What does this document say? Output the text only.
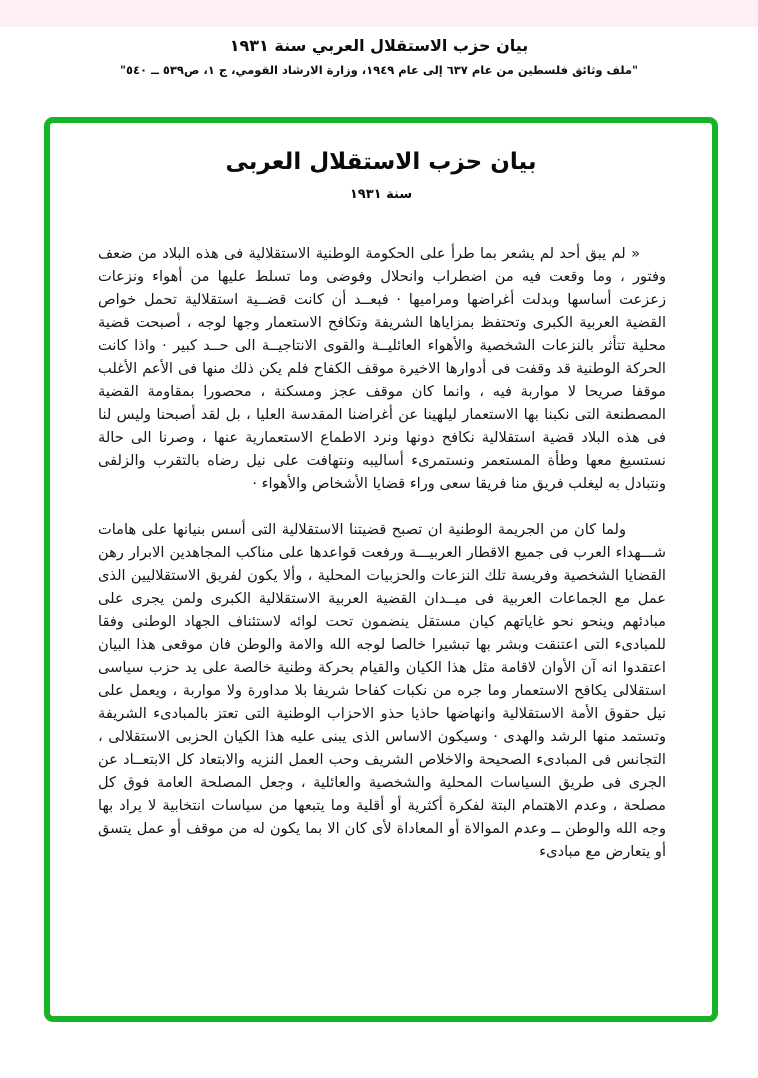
بيان حزب الاستقلال العربي سنة ١٩٣١
"ملف وثائق فلسطين من عام ٦٣٧ إلى عام ١٩٤٩، وزارة الارشاد القومي، ج ١، ص٥٣٩ ــ ٥٤٠"
بيان حزب الاستقلال العربى
سنة ١٩٣١

« لم يبق أحد لم يشعر بما طرأ على الحكومة الوطنية الاستقلالية فى هذه البلاد من ضعف وفتور ، وما وقعت فيه من اضطراب وانحلال وفوضى وما تسلط عليها من أهواء ونزعات زعزعت أساسها وبدلت أغراضها ومراميها · فبعــد أن كانت قضــية استقلالية تحمل خواص القضية العربية الكبرى وتحتفظ بمزاياها الشريفة وتكافح الاستعمار وجها لوجه ، أصبحت قضية محلية تتأثر بالنزعات الشخصية والأهواء العائليــة والقوى الانتاجيــة الى حــد كبير · واذا كانت الحركة الوطنية قد وقفت فى أدوارها الاخيرة موقف الكفاح فلم يكن ذلك منها فى الأعم الأغلب موقفا صريحا لا مواربة فيه ، وانما كان موقف عجز ومسكنة ، محصورا بمقاومة القضية المصطنعة التى نكبنا بها الاستعمار ليلهينا عن أغراضنا المقدسة العليا ، بل لقد أصبحنا وليس لنا فى هذه البلاد قضية استقلالية نكافح دونها ونرد الاطماع الاستعمارية عنها ، وصرنا الى حالة نستسيغ معها وطأة المستعمر ونستمرىء أساليبه ونتهافت على نيل رضاه بالتقرب والزلفى ونتبادل به ليغلب فريق منا فريقا سعى وراء قضايا الأشخاص والأهواء ·

ولما كان من الجريمة الوطنية ان تصبح قضيتنا الاستقلالية التى أسس بنيانها على هامات شـــهداء العرب فى جميع الاقطار العربيـــة ورفعت قواعدها على مناكب المجاهدين الابرار رهن القضايا الشخصية وفريسة تلك النزعات والحزبيات المحلية ، وألا يكون لفريق الاستقلاليين الذى عمل مع الجماعات العربية فى ميــدان القضية العربية الاستقلالية الكبرى ولمن يجرى على مبادئهم وينحو نحو غاياتهم كيان مستقل ينضمون تحت لوائه لاستئناف الجهاد الوطنى وفقا للمبادىء التى اعتنقت وبشر بها تبشيرا خالصا لوجه الله والامة والوطن فان موقعى هذا البيان اعتقدوا انه آن الأوان لاقامة مثل هذا الكيان والقيام بحركة وطنية خالصة على يد حزب سياسى استقلالى يكافح الاستعمار وما جره من نكبات كفاحا شريفا بلا مداورة ولا مواربة ، ويعمل على نيل حقوق الأمة الاستقلالية وانهاضها حاذيا حذو الاحزاب الوطنية التى تعتز بالمبادىء الشريفة وتستمد منها الرشد والهدى · وسيكون الاساس الذى يبنى عليه هذا الكيان الحزبى الاستقلالى ، التجانس فى المبادىء الصحيحة والاخلاص الشريف وحب العمل النزيه والابتعاد كل الابتعــاد عن الجرى فى طريق السياسات المحلية والشخصية والعائلية ، وجعل المصلحة العامة فوق كل مصلحة ، وعدم الاهتمام البتة لفكرة أكثرية أو أقلية وما يتبعها من سياسات انتخابية لا يراد بها وجه الله والوطن ــ وعدم الموالاة أو المعاداة لأى كان الا بما يكون له من موقف أو عمل يتسق أو يتعارض مع مبادىء
